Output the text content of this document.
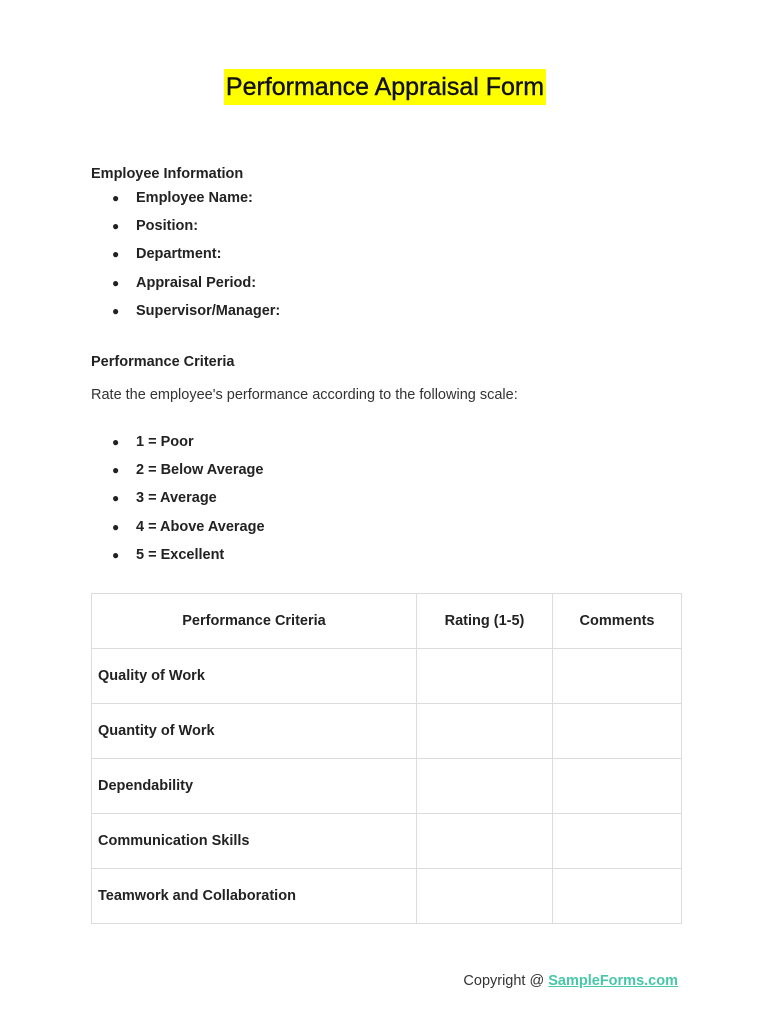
Performance Appraisal Form
Employee Information
●	Employee Name:
●	Position:
●	Department:
●	Appraisal Period:
●	Supervisor/Manager:
Performance Criteria
Rate the employee's performance according to the following scale:
●	1 = Poor
●	2 = Below Average
●	3 = Average
●	4 = Above Average
●	5 = Excellent
Performance Criteria	Rating (1-5)	Comments
Quality of Work		
Quantity of Work		
Dependability		
Communication Skills		
Teamwork and Collaboration		
Copyright @ SampleForms.com
